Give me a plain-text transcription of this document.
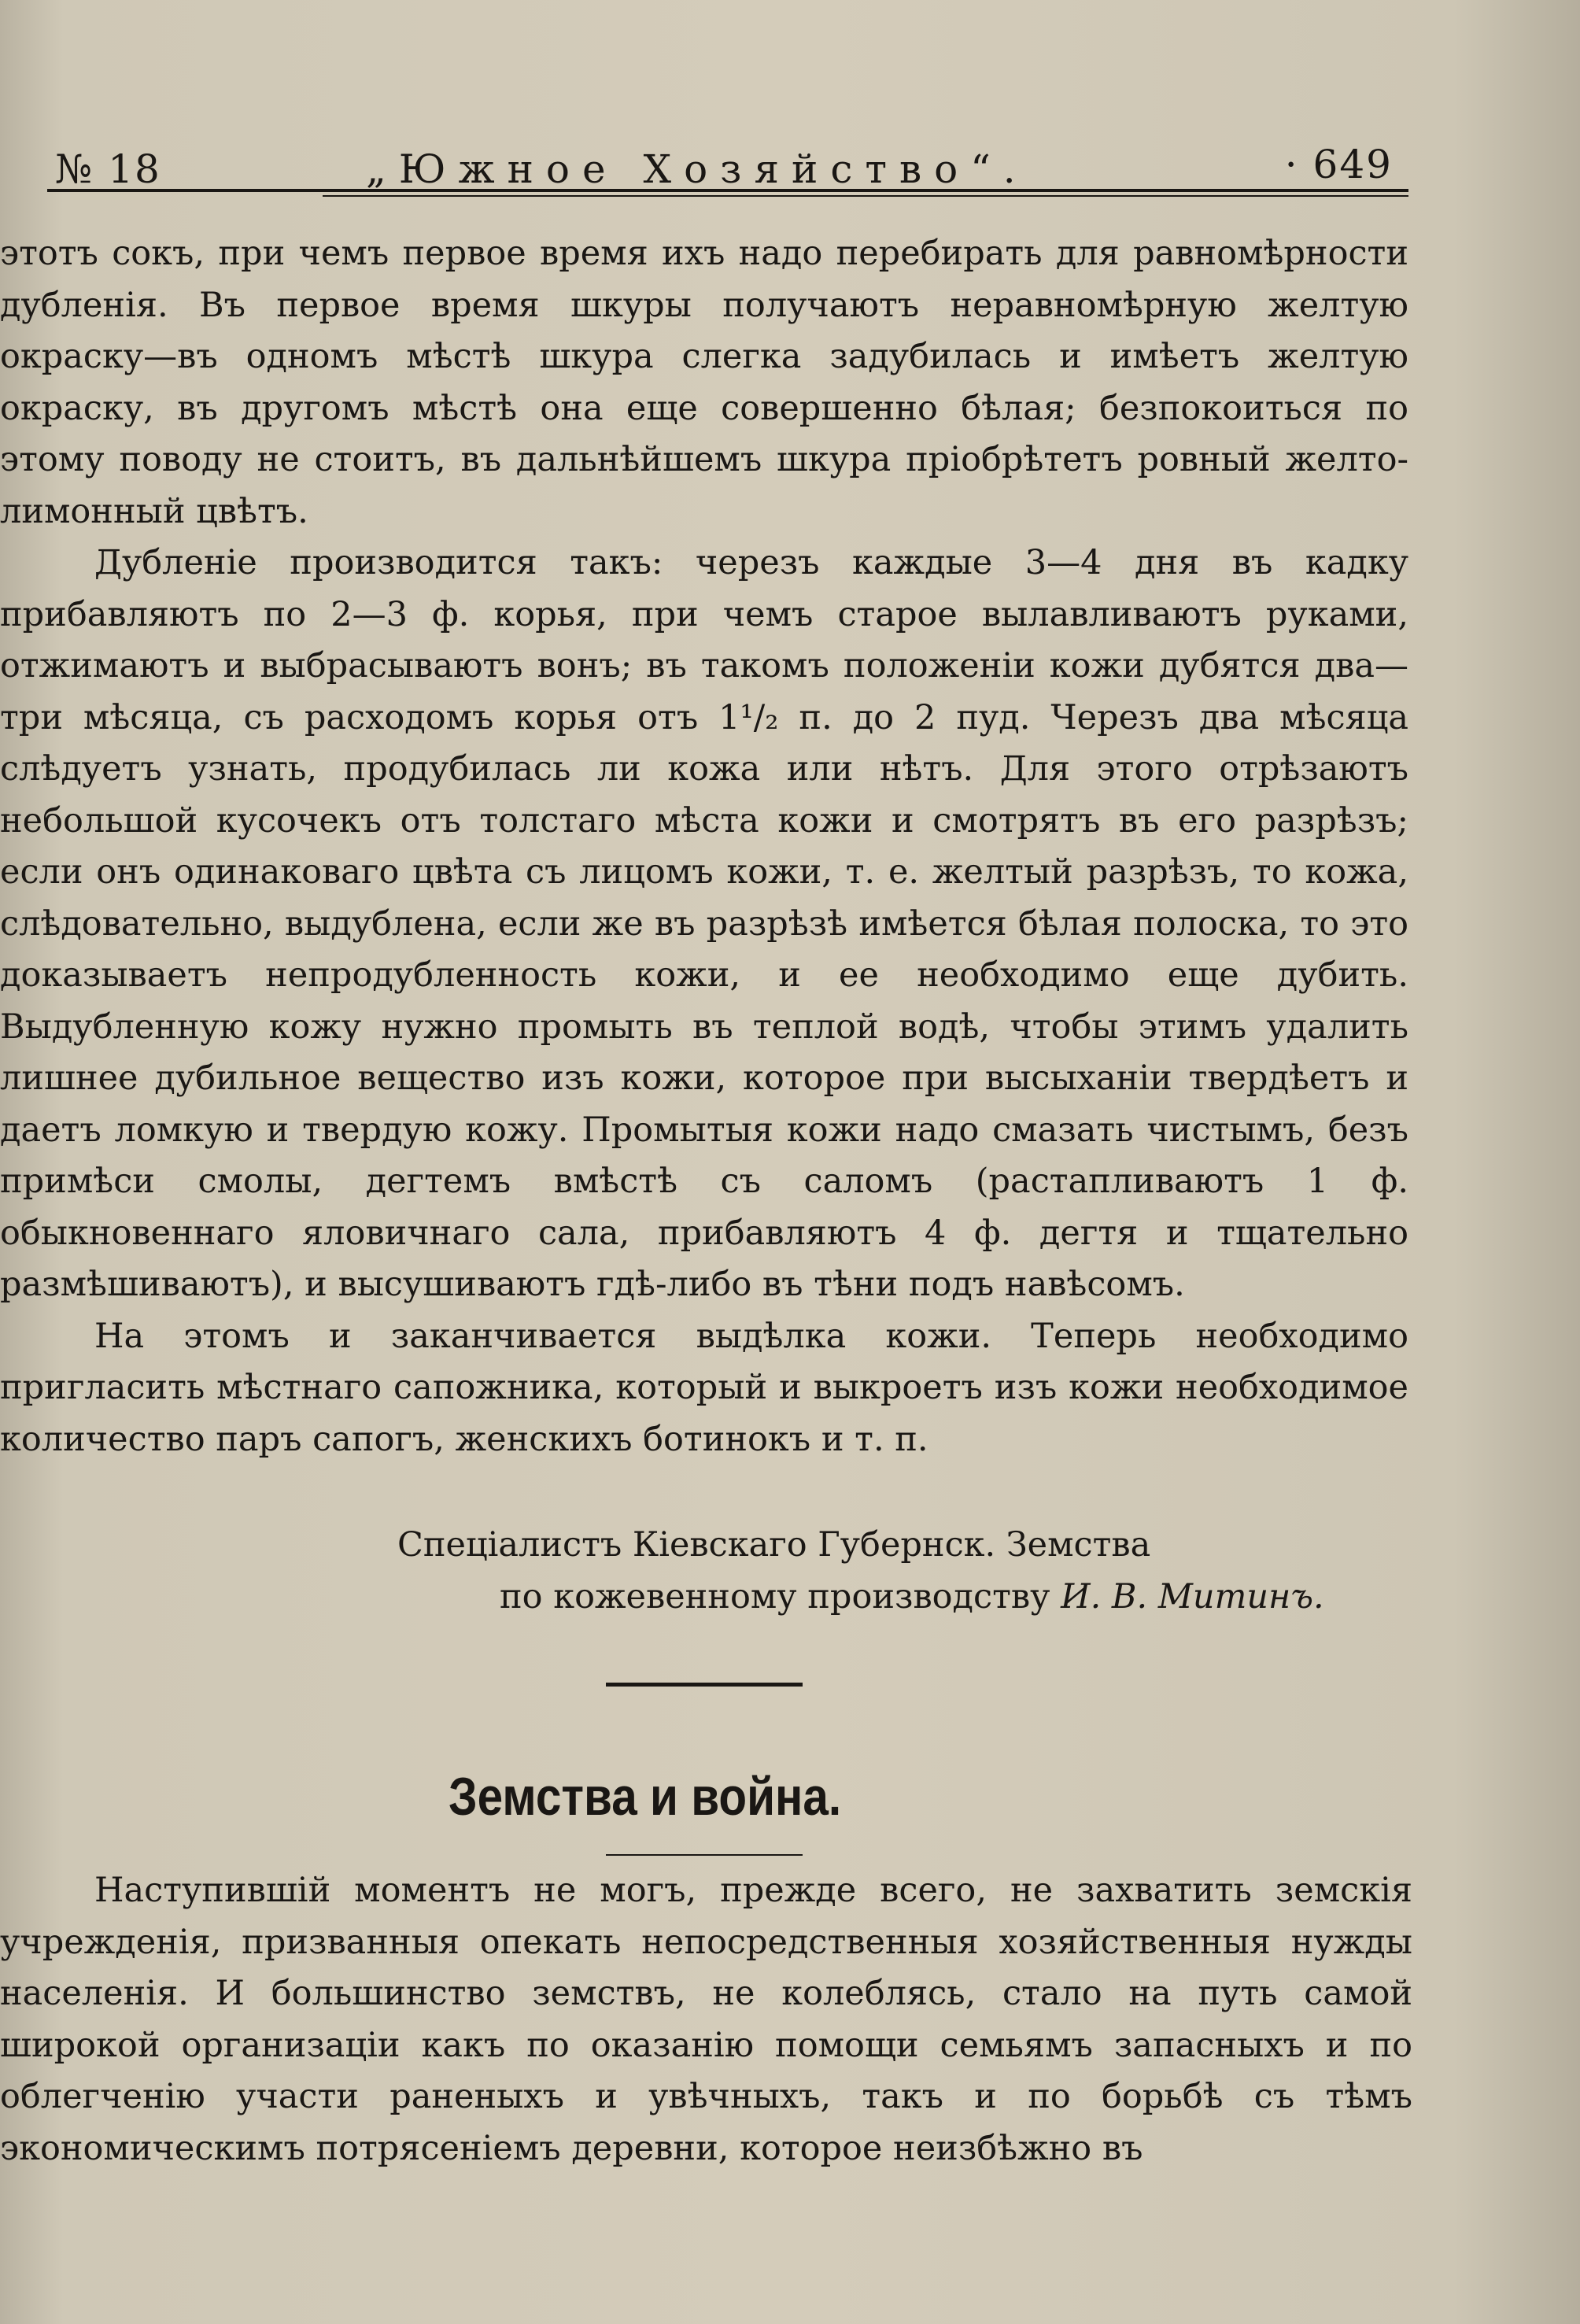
№ 18	„Южное Хозяйство“.	· 649

этотъ сокъ, при чемъ первое время ихъ надо перебирать для равномѣрности дубленія. Въ первое время шкуры получаютъ неравномѣрную желтую окраску—въ одномъ мѣстѣ шкура слегка задубилась и имѣетъ желтую окраску, въ другомъ мѣстѣ она еще совершенно бѣлая; безпокоиться по этому поводу не стоитъ, въ дальнѣйшемъ шкура пріобрѣтетъ ровный желто-лимонный цвѣтъ.

Дубленіе производится такъ: черезъ каждые 3—4 дня въ кадку прибавляютъ по 2—3 ф. корья, при чемъ старое вылавливаютъ руками, отжимаютъ и выбрасываютъ вонъ; въ такомъ положеніи кожи дубятся два—три мѣсяца, съ расходомъ корья отъ 1¹/₂ п. до 2 пуд. Черезъ два мѣсяца слѣдуетъ узнать, продубилась ли кожа или нѣтъ. Для этого отрѣзаютъ небольшой кусочекъ отъ толстаго мѣста кожи и смотрятъ въ его разрѣзъ; если онъ одинаковаго цвѣта съ лицомъ кожи, т. е. желтый разрѣзъ, то кожа, слѣдовательно, выдублена, если же въ разрѣзѣ имѣется бѣлая полоска, то это доказываетъ непродубленность кожи, и ее необходимо еще дубить. Выдубленную кожу нужно промыть въ теплой водѣ, чтобы этимъ удалить лишнее дубильное вещество изъ кожи, которое при высыханіи твердѣетъ и даетъ ломкую и твердую кожу. Промытыя кожи надо смазать чистымъ, безъ примѣси смолы, дегтемъ вмѣстѣ съ саломъ (растапливаютъ 1 ф. обыкновеннаго яловичнаго сала, прибавляютъ 4 ф. дегтя и тщательно размѣшиваютъ), и высушиваютъ гдѣ-либо въ тѣни подъ навѣсомъ.

На этомъ и заканчивается выдѣлка кожи. Теперь необходимо пригласить мѣстнаго сапожника, который и выкроетъ изъ кожи необходимое количество паръ сапогъ, женскихъ ботинокъ и т. п.

Спеціалистъ Кіевскаго Губернск. Земства
по кожевенному производству И. В. Митинъ.
Земства и война.

Наступившій моментъ не могъ, прежде всего, не захватить земскія учрежденія, призванныя опекать непосредственныя хозяйственныя нужды населенія. И большинство земствъ, не колеблясь, стало на путь самой широкой организаціи какъ по оказанію помощи семьямъ запасныхъ и по облегченію участи раненыхъ и увѣчныхъ, такъ и по борьбѣ съ тѣмъ экономическимъ потрясеніемъ деревни, которое неизбѣжно въ
